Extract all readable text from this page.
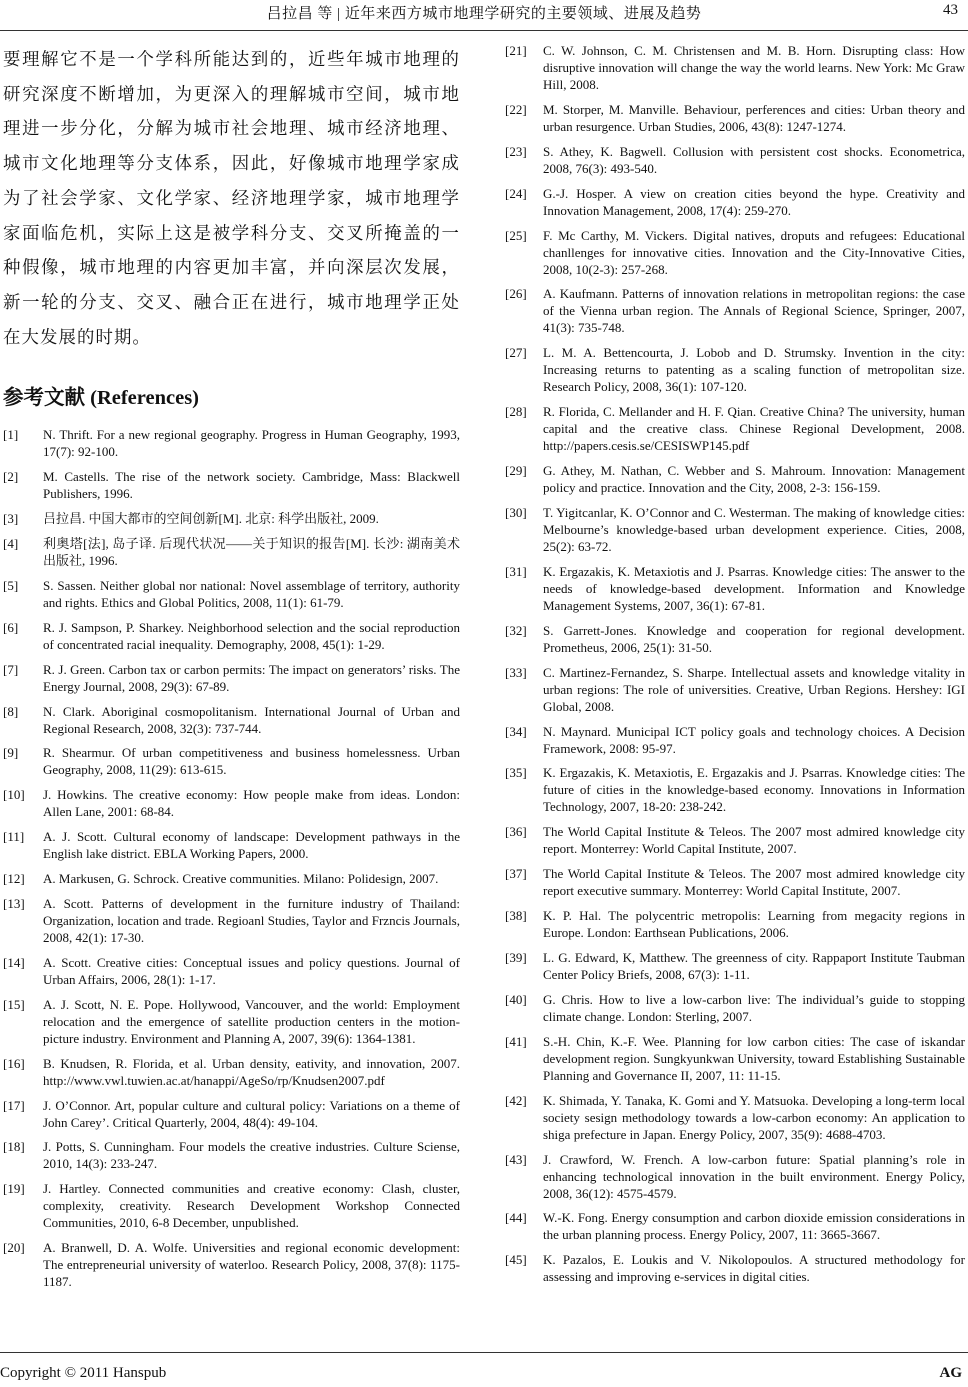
吕拉昌 等 | 近年来西方城市地理学研究的主要领域、进展及趋势	43

要理解它不是一个学科所能达到的，近些年城市地理的研究深度不断增加，为更深入的理解城市空间，城市地理进一步分化，分解为城市社会地理、城市经济地理、城市文化地理等分支体系，因此，好像城市地理学家成为了社会学家、文化学家、经济地理学家，城市地理学家面临危机，实际上这是被学科分支、交叉所掩盖的一种假像，城市地理的内容更加丰富，并向深层次发展，新一轮的分支、交叉、融合正在进行，城市地理学正处在大发展的时期。

参考文献 (References)
[1] N. Thrift. For a new regional geography. Progress in Human Geography, 1993, 17(7): 92-100.
[2] M. Castells. The rise of the network society. Cambridge, Mass: Blackwell Publishers, 1996.
[3] 吕拉昌. 中国大都市的空间创新[M]. 北京: 科学出版社, 2009.
[4] 利奥塔[法], 岛子译. 后现代状况——关于知识的报告[M]. 长沙: 湖南美术出版社, 1996.
[5] S. Sassen. Neither global nor national: Novel assemblage of territory, authority and rights. Ethics and Global Politics, 2008, 11(1): 61-79.
[6] R. J. Sampson, P. Sharkey. Neighborhood selection and the social reproduction of concentrated racial inequality. Demography, 2008, 45(1): 1-29.
[7] R. J. Green. Carbon tax or carbon permits: The impact on generators’ risks. The Energy Journal, 2008, 29(3): 67-89.
[8] N. Clark. Aboriginal cosmopolitanism. International Journal of Urban and Regional Research, 2008, 32(3): 737-744.
[9] R. Shearmur. Of urban competitiveness and business homelessness. Urban Geography, 2008, 11(29): 613-615.
[10] J. Howkins. The creative economy: How people make from ideas. London: Allen Lane, 2001: 68-84.
[11] A. J. Scott. Cultural economy of landscape: Development pathways in the English lake district. EBLA Working Papers, 2000.
[12] A. Markusen, G. Schrock. Creative communities. Milano: Polidesign, 2007.
[13] A. Scott. Patterns of development in the furniture industry of Thailand: Organization, location and trade. Regioanl Studies, Taylor and Frzncis Journals, 2008, 42(1): 17-30.
[14] A. Scott. Creative cities: Conceptual issues and policy questions. Journal of Urban Affairs, 2006, 28(1): 1-17.
[15] A. J. Scott, N. E. Pope. Hollywood, Vancouver, and the world: Employment relocation and the emergence of satellite production centers in the motion-picture industry. Environment and Planning A, 2007, 39(6): 1364-1381.
[16] B. Knudsen, R. Florida, et al. Urban density, eativity, and innovation, 2007. http://www.vwl.tuwien.ac.at/hanappi/AgeSo/rp/Knudsen2007.pdf
[17] J. O’Connor. Art, popular culture and cultural policy: Variations on a theme of John Carey’. Critical Quarterly, 2004, 48(4): 49-104.
[18] J. Potts, S. Cunningham. Four models the creative industries. Culture Sciense, 2010, 14(3): 233-247.
[19] J. Hartley. Connected communities and creative economy: Clash, cluster, complexity, creativity. Research Development Workshop Connected Communities, 2010, 6-8 December, unpublished.
[20] A. Branwell, D. A. Wolfe. Universities and regional economic development: The entrepreneurial university of waterloo. Research Policy, 2008, 37(8): 1175-1187.
[21] C. W. Johnson, C. M. Christensen and M. B. Horn. Disrupting class: How disruptive innovation will change the way the world learns. New York: Mc Graw Hill, 2008.
[22] M. Storper, M. Manville. Behaviour, perferences and cities: Urban theory and urban resurgence. Urban Studies, 2006, 43(8): 1247-1274.
[23] S. Athey, K. Bagwell. Collusion with persistent cost shocks. Econometrica, 2008, 76(3): 493-540.
[24] G.-J. Hosper. A view on creation cities beyond the hype. Creativity and Innovation Management, 2008, 17(4): 259-270.
[25] F. Mc Carthy, M. Vickers. Digital natives, droputs and refugees: Educational chanllenges for innovative cities. Innovation and the City-Innovative Cities, 2008, 10(2-3): 257-268.
[26] A. Kaufmann. Patterns of innovation relations in metropolitan regions: the case of the Vienna urban region. The Annals of Regional Science, Springer, 2007, 41(3): 735-748.
[27] L. M. A. Bettencourta, J. Lobob and D. Strumsky. Invention in the city: Increasing returns to patenting as a scaling function of metropolitan size. Research Policy, 2008, 36(1): 107-120.
[28] R. Florida, C. Mellander and H. F. Qian. Creative China? The university, human capital and the creative class. Chinese Regional Development, 2008. http://papers.cesis.se/CESISWP145.pdf
[29] G. Athey, M. Nathan, C. Webber and S. Mahroum. Innovation: Management policy and practice. Innovation and the City, 2008, 2-3: 156-159.
[30] T. Yigitcanlar, K. O’Connor and C. Westerman. The making of knowledge cities: Melbourne’s knowledge-based urban development experience. Cities, 2008, 25(2): 63-72.
[31] K. Ergazakis, K. Metaxiotis and J. Psarras. Knowledge cities: The answer to the needs of knowledge-based development. Information and Knowledge Management Systems, 2007, 36(1): 67-81.
[32] S. Garrett-Jones. Knowledge and cooperation for regional development. Prometheus, 2006, 25(1): 31-50.
[33] C. Martinez-Fernandez, S. Sharpe. Intellectual assets and knowledge vitality in urban regions: The role of universities. Creative, Urban Regions. Hershey: IGI Global, 2008.
[34] N. Maynard. Municipal ICT policy goals and technology choices. A Decision Framework, 2008: 95-97.
[35] K. Ergazakis, K. Metaxiotis, E. Ergazakis and J. Psarras. Knowledge cities: The future of cities in the knowledge-based economy. Innovations in Information Technology, 2007, 18-20: 238-242.
[36] The World Capital Institute & Teleos. The 2007 most admired knowledge city report. Monterrey: World Capital Institute, 2007.
[37] The World Capital Institute & Teleos. The 2007 most admired knowledge city report executive summary. Monterrey: World Capital Institute, 2007.
[38] K. P. Hal. The polycentric metropolis: Learning from megacity regions in Europe. London: Earthsean Publications, 2006.
[39] L. G. Edward, K, Matthew. The greenness of city. Rappaport Institute Taubman Center Policy Briefs, 2008, 67(3): 1-11.
[40] G. Chris. How to live a low-carbon live: The individual’s guide to stopping climate change. London: Sterling, 2007.
[41] S.-H. Chin, K.-F. Wee. Planning for low carbon cities: The case of iskandar development region. Sungkyunkwan University, toward Establishing Sustainable Planning and Governance II, 2007, 11: 11-15.
[42] K. Shimada, Y. Tanaka, K. Gomi and Y. Matsuoka. Developing a long-term local society sesign methodology towards a low-carbon economy: An application to shiga prefecture in Japan. Energy Policy, 2007, 35(9): 4688-4703.
[43] J. Crawford, W. French. A low-carbon future: Spatial planning’s role in enhancing technological innovation in the built environment. Energy Policy, 2008, 36(12): 4575-4579.
[44] W.-K. Fong. Energy consumption and carbon dioxide emission considerations in the urban planning process. Energy Policy, 2007, 11: 3665-3667.
[45] K. Pazalos, E. Loukis and V. Nikolopoulos. A structured methodology for assessing and improving e-services in digital cities.
Copyright © 2011 Hanspub	AG
